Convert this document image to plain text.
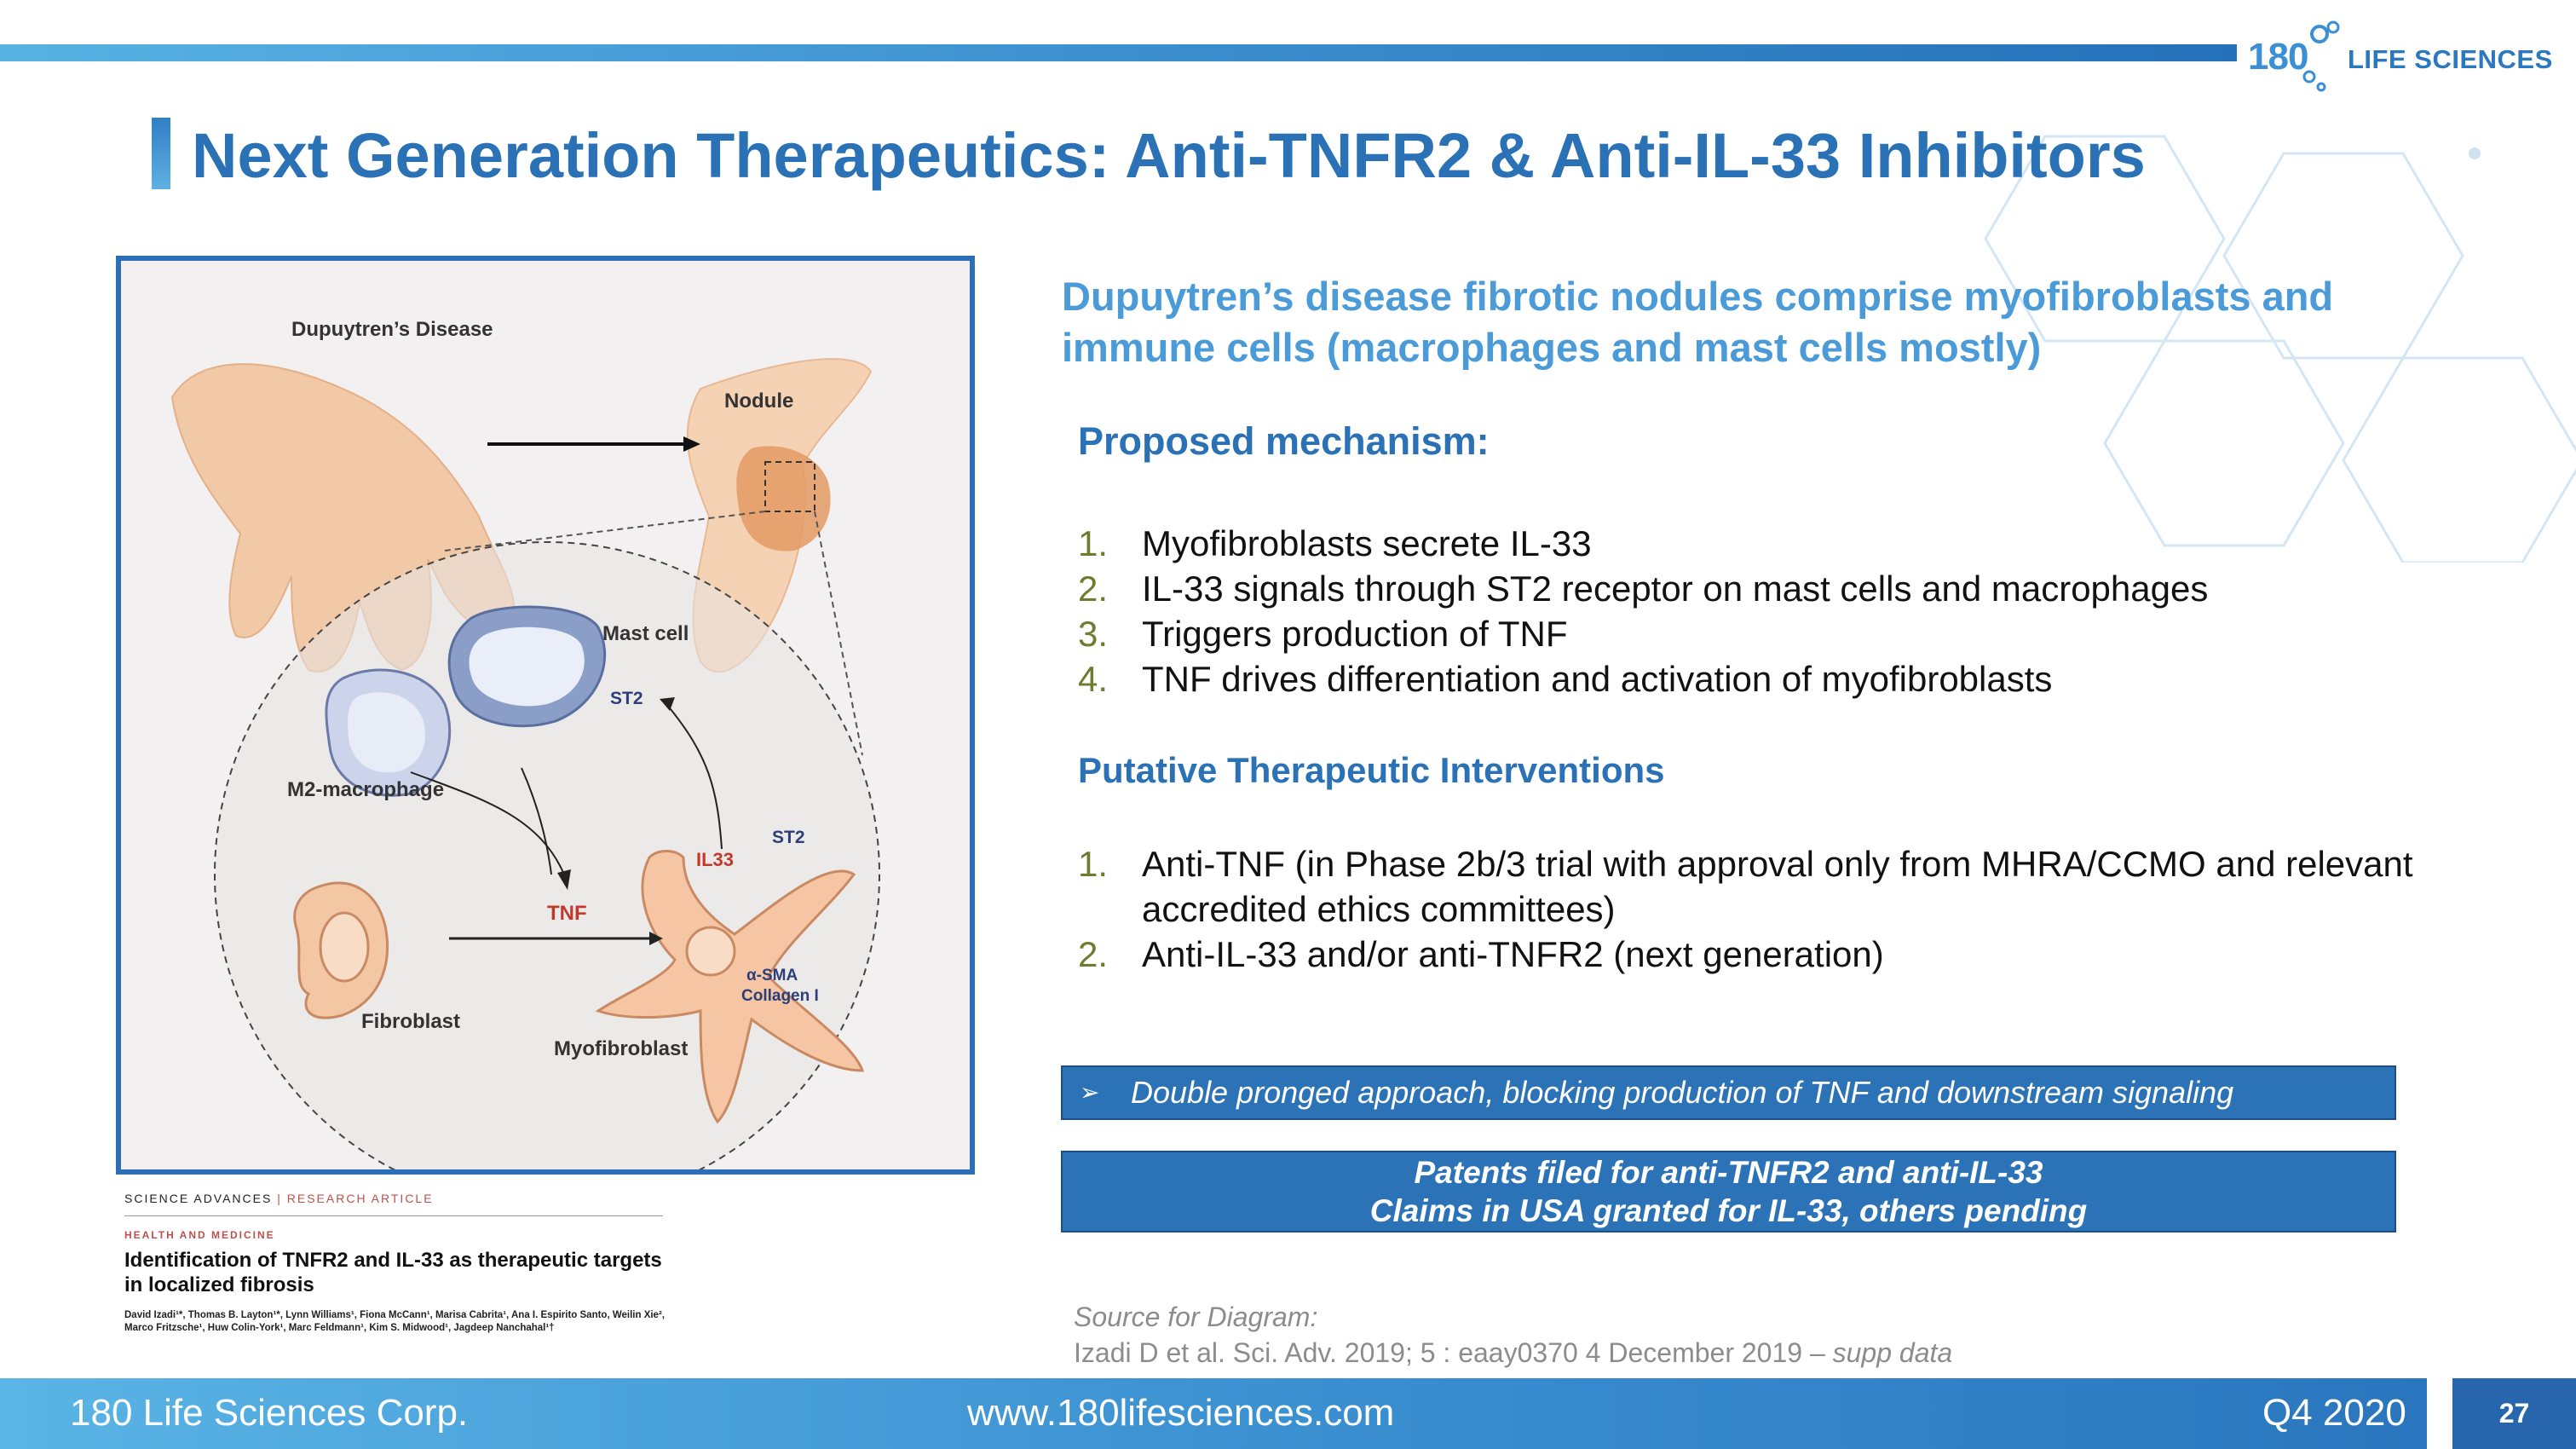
180 LIFE SCIENCES
Next Generation Therapeutics: Anti-TNFR2 & Anti-IL-33 Inhibitors
Dupuytren’s Disease
Nodule
Mast cell
ST2
M2-macrophage
IL33
ST2
TNF
Fibroblast
α-SMA
Collagen I
Myofibroblast
SCIENCE ADVANCES | RESEARCH ARTICLE
HEALTH AND MEDICINE
Identification of TNFR2 and IL-33 as therapeutic targets in localized fibrosis
David Izadi¹*, Thomas B. Layton¹*, Lynn Williams¹, Fiona McCann¹, Marisa Cabrita¹, Ana I. Espirito Santo, Weilin Xie², Marco Fritzsche¹, Huw Colin-York¹, Marc Feldmann¹, Kim S. Midwood¹, Jagdeep Nanchahal¹†
Dupuytren’s disease fibrotic nodules comprise myofibroblasts and immune cells (macrophages and mast cells mostly)
Proposed mechanism:
1. Myofibroblasts secrete IL-33
2. IL-33 signals through ST2 receptor on mast cells and macrophages
3. Triggers production of TNF
4. TNF drives differentiation and activation of myofibroblasts
Putative Therapeutic Interventions
1. Anti-TNF (in Phase 2b/3 trial with approval only from MHRA/CCMO and relevant accredited ethics committees)
2. Anti-IL-33 and/or anti-TNFR2 (next generation)
➢ Double pronged approach, blocking production of TNF and downstream signaling
Patents filed for anti-TNFR2 and anti-IL-33
Claims in USA granted for IL-33, others pending
Source for Diagram:
Izadi D et al. Sci. Adv. 2019; 5 : eaay0370 4 December 2019 – supp data
180 Life Sciences Corp.	www.180lifesciences.com	Q4 2020	27
